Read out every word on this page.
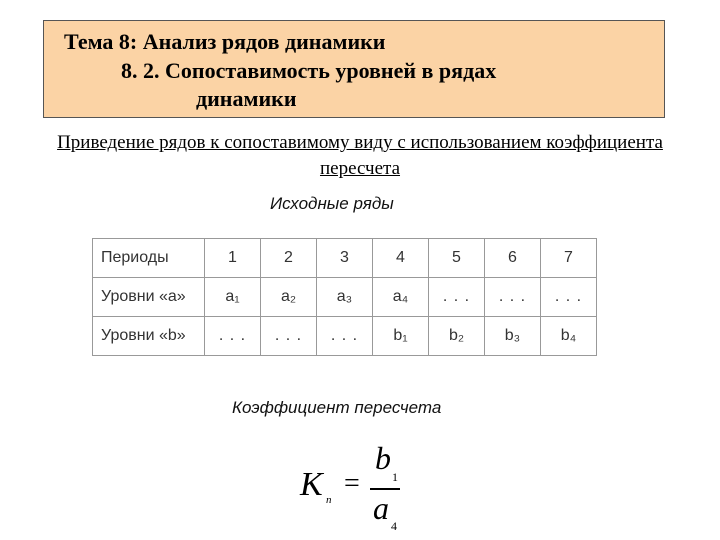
Тема 8: Анализ рядов динамики
8. 2. Сопоставимость уровней в рядах
динамики
Приведение рядов к сопоставимому виду с использованием коэффициента пересчета
Исходные ряды
Периоды	1	2	3	4	5	6	7
Уровни «а»	a₁	a₂	a₃	a₄	. . .	. . .	. . .
Уровни «b»	. . .	. . .	. . .	b₁	b₂	b₃	b₄
Коэффициент пересчета
K п
=
b
1
a 4
